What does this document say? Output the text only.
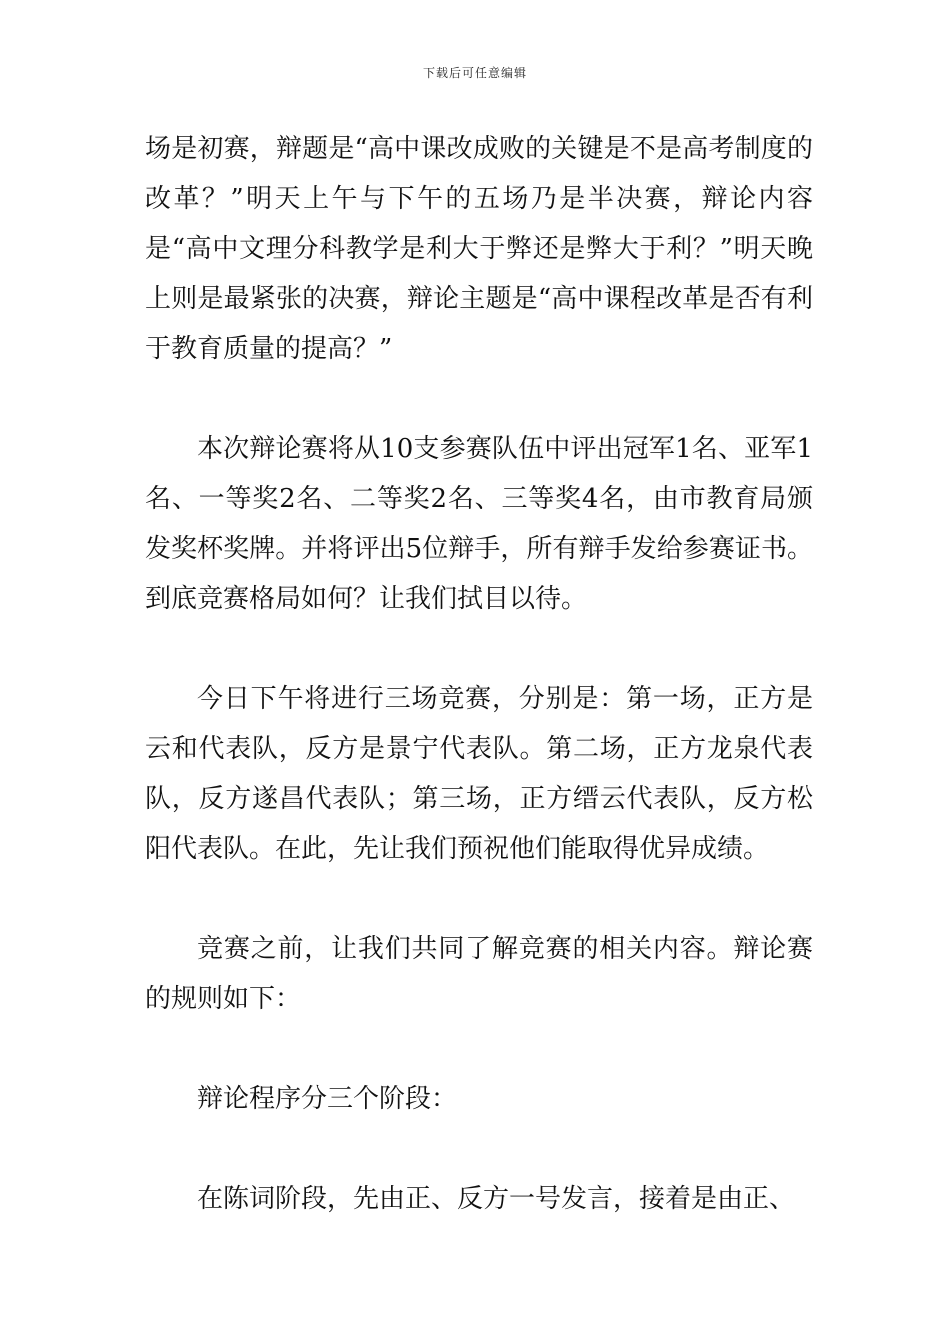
下载后可任意编辑

场是初赛，辩题是“高中课改成败的关键是不是高考制度的改革？”明天上午与下午的五场乃是半决赛，辩论内容是“高中文理分科教学是利大于弊还是弊大于利？”明天晚上则是最紧张的决赛，辩论主题是“高中课程改革是否有利于教育质量的提高？”

本次辩论赛将从10支参赛队伍中评出冠军1名、亚军1名、一等奖2名、二等奖2名、三等奖4名，由市教育局颁发奖杯奖牌。并将评出5位辩手，所有辩手发给参赛证书。到底竞赛格局如何？让我们拭目以待。

今日下午将进行三场竞赛，分别是：第一场，正方是云和代表队，反方是景宁代表队。第二场，正方龙泉代表队，反方遂昌代表队；第三场，正方缙云代表队，反方松阳代表队。在此，先让我们预祝他们能取得优异成绩。

竞赛之前，让我们共同了解竞赛的相关内容。辩论赛的规则如下：

辩论程序分三个阶段：

在陈词阶段，先由正、反方一号发言，接着是由正、
